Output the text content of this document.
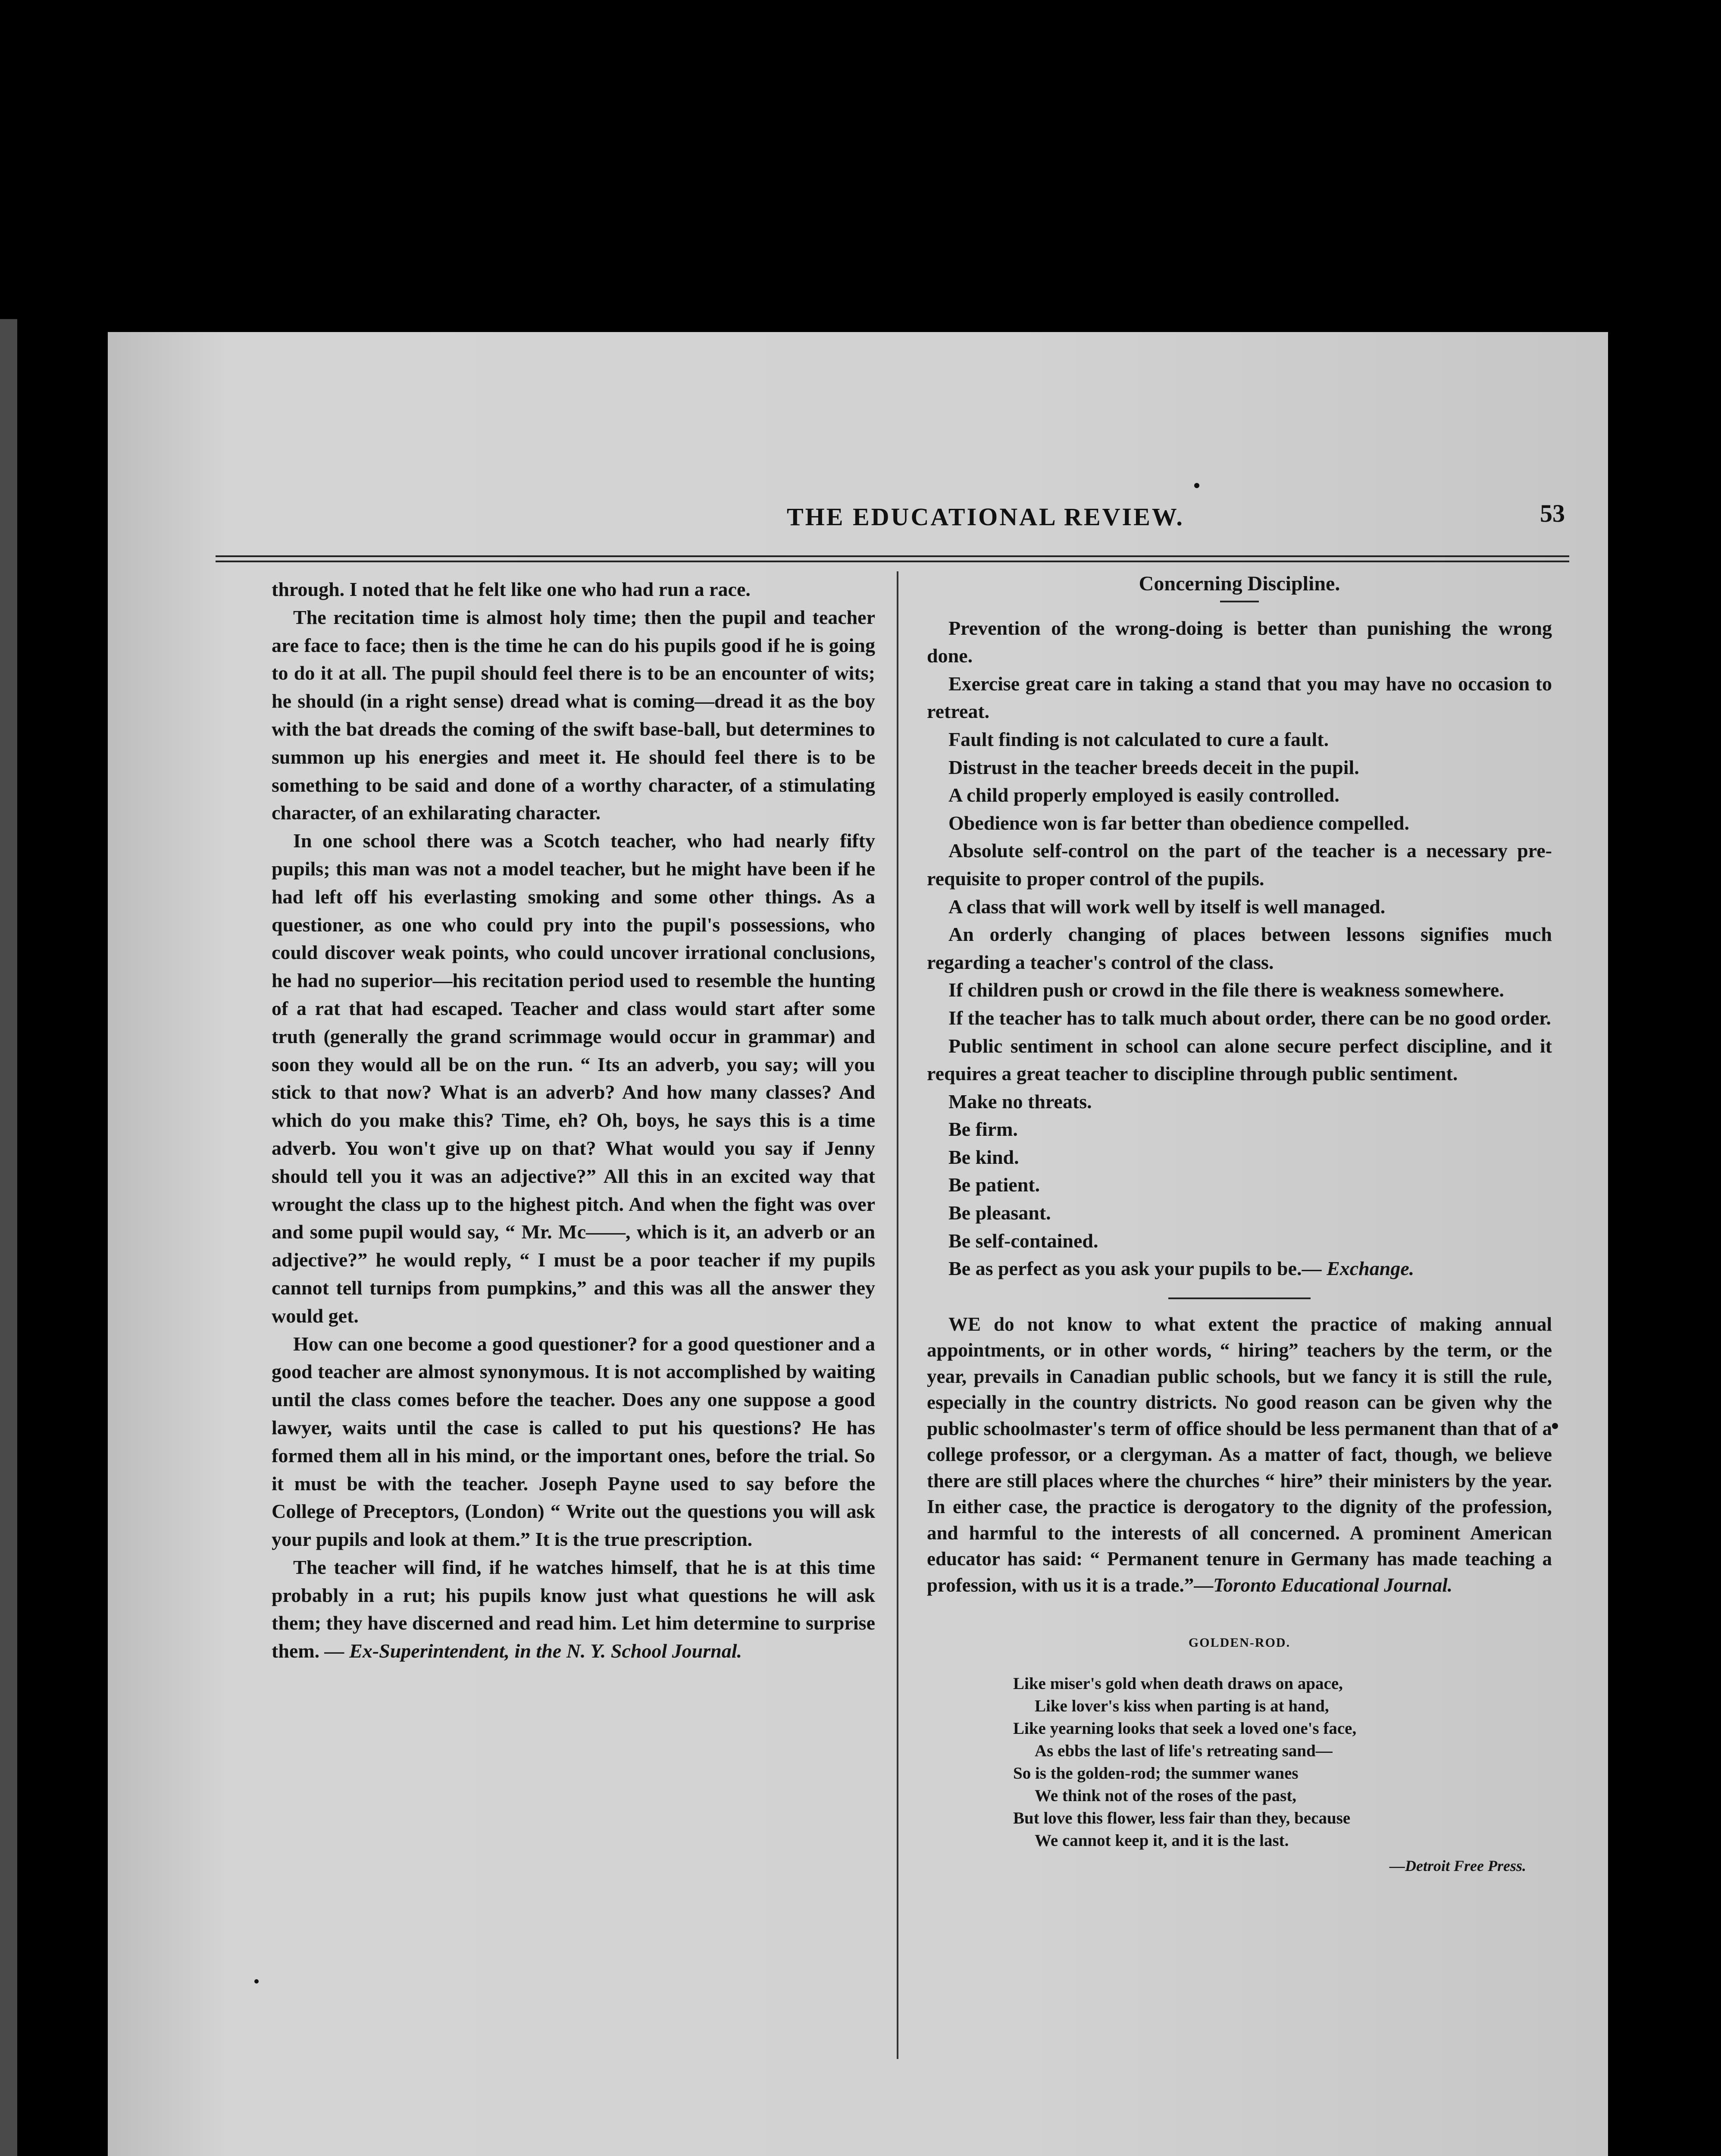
THE EDUCATIONAL REVIEW.	53

through. I noted that he felt like one who had run a race.

The recitation time is almost holy time; then the pupil and teacher are face to face; then is the time he can do his pupils good if he is going to do it at all. The pupil should feel there is to be an encounter of wits; he should (in a right sense) dread what is coming—dread it as the boy with the bat dreads the coming of the swift base-ball, but determines to summon up his energies and meet it. He should feel there is to be something to be said and done of a worthy character, of a stimulating character, of an exhilarating character.

In one school there was a Scotch teacher, who had nearly fifty pupils; this man was not a model teacher, but he might have been if he had left off his everlasting smoking and some other things. As a questioner, as one who could pry into the pupil's possessions, who could discover weak points, who could uncover irrational conclusions, he had no superior—his recitation period used to resemble the hunting of a rat that had escaped. Teacher and class would start after some truth (generally the grand scrimmage would occur in grammar) and soon they would all be on the run. “ Its an adverb, you say; will you stick to that now? What is an adverb? And how many classes? And which do you make this? Time, eh? Oh, boys, he says this is a time adverb. You won't give up on that? What would you say if Jenny should tell you it was an adjective?” All this in an excited way that wrought the class up to the highest pitch. And when the fight was over and some pupil would say, “ Mr. Mc——, which is it, an adverb or an adjective?” he would reply, “ I must be a poor teacher if my pupils cannot tell turnips from pumpkins,” and this was all the answer they would get.

How can one become a good questioner? for a good questioner and a good teacher are almost synonymous. It is not accomplished by waiting until the class comes before the teacher. Does any one suppose a good lawyer, waits until the case is called to put his questions? He has formed them all in his mind, or the important ones, before the trial. So it must be with the teacher. Joseph Payne used to say before the College of Preceptors, (London) “ Write out the questions you will ask your pupils and look at them.” It is the true prescription.

The teacher will find, if he watches himself, that he is at this time probably in a rut; his pupils know just what questions he will ask them; they have discerned and read him. Let him determine to surprise them. — Ex-Superintendent, in the N. Y. School Journal.

Concerning Discipline.

Prevention of the wrong-doing is better than punishing the wrong done.

Exercise great care in taking a stand that you may have no occasion to retreat.

Fault finding is not calculated to cure a fault.

Distrust in the teacher breeds deceit in the pupil.

A child properly employed is easily controlled.

Obedience won is far better than obedience compelled.

Absolute self-control on the part of the teacher is a necessary pre-requisite to proper control of the pupils.

A class that will work well by itself is well managed.

An orderly changing of places between lessons signifies much regarding a teacher's control of the class.

If children push or crowd in the file there is weakness somewhere.

If the teacher has to talk much about order, there can be no good order.

Public sentiment in school can alone secure perfect discipline, and it requires a great teacher to discipline through public sentiment.

Make no threats.

Be firm.

Be kind.

Be patient.

Be pleasant.

Be self-contained.

Be as perfect as you ask your pupils to be.— Exchange.

WE do not know to what extent the practice of making annual appointments, or in other words, “ hiring” teachers by the term, or the year, prevails in Canadian public schools, but we fancy it is still the rule, especially in the country districts. No good reason can be given why the public schoolmaster's term of office should be less permanent than that of a college professor, or a clergyman. As a matter of fact, though, we believe there are still places where the churches “ hire” their ministers by the year. In either case, the practice is derogatory to the dignity of the profession, and harmful to the interests of all concerned. A prominent American educator has said: “ Permanent tenure in Germany has made teaching a profession, with us it is a trade.”—Toronto Educational Journal.

GOLDEN-ROD.
Like miser's gold when death draws on apace,
Like lover's kiss when parting is at hand,
Like yearning looks that seek a loved one's face,
As ebbs the last of life's retreating sand—
So is the golden-rod; the summer wanes
We think not of the roses of the past,
But love this flower, less fair than they, because
We cannot keep it, and it is the last.
—Detroit Free Press.
